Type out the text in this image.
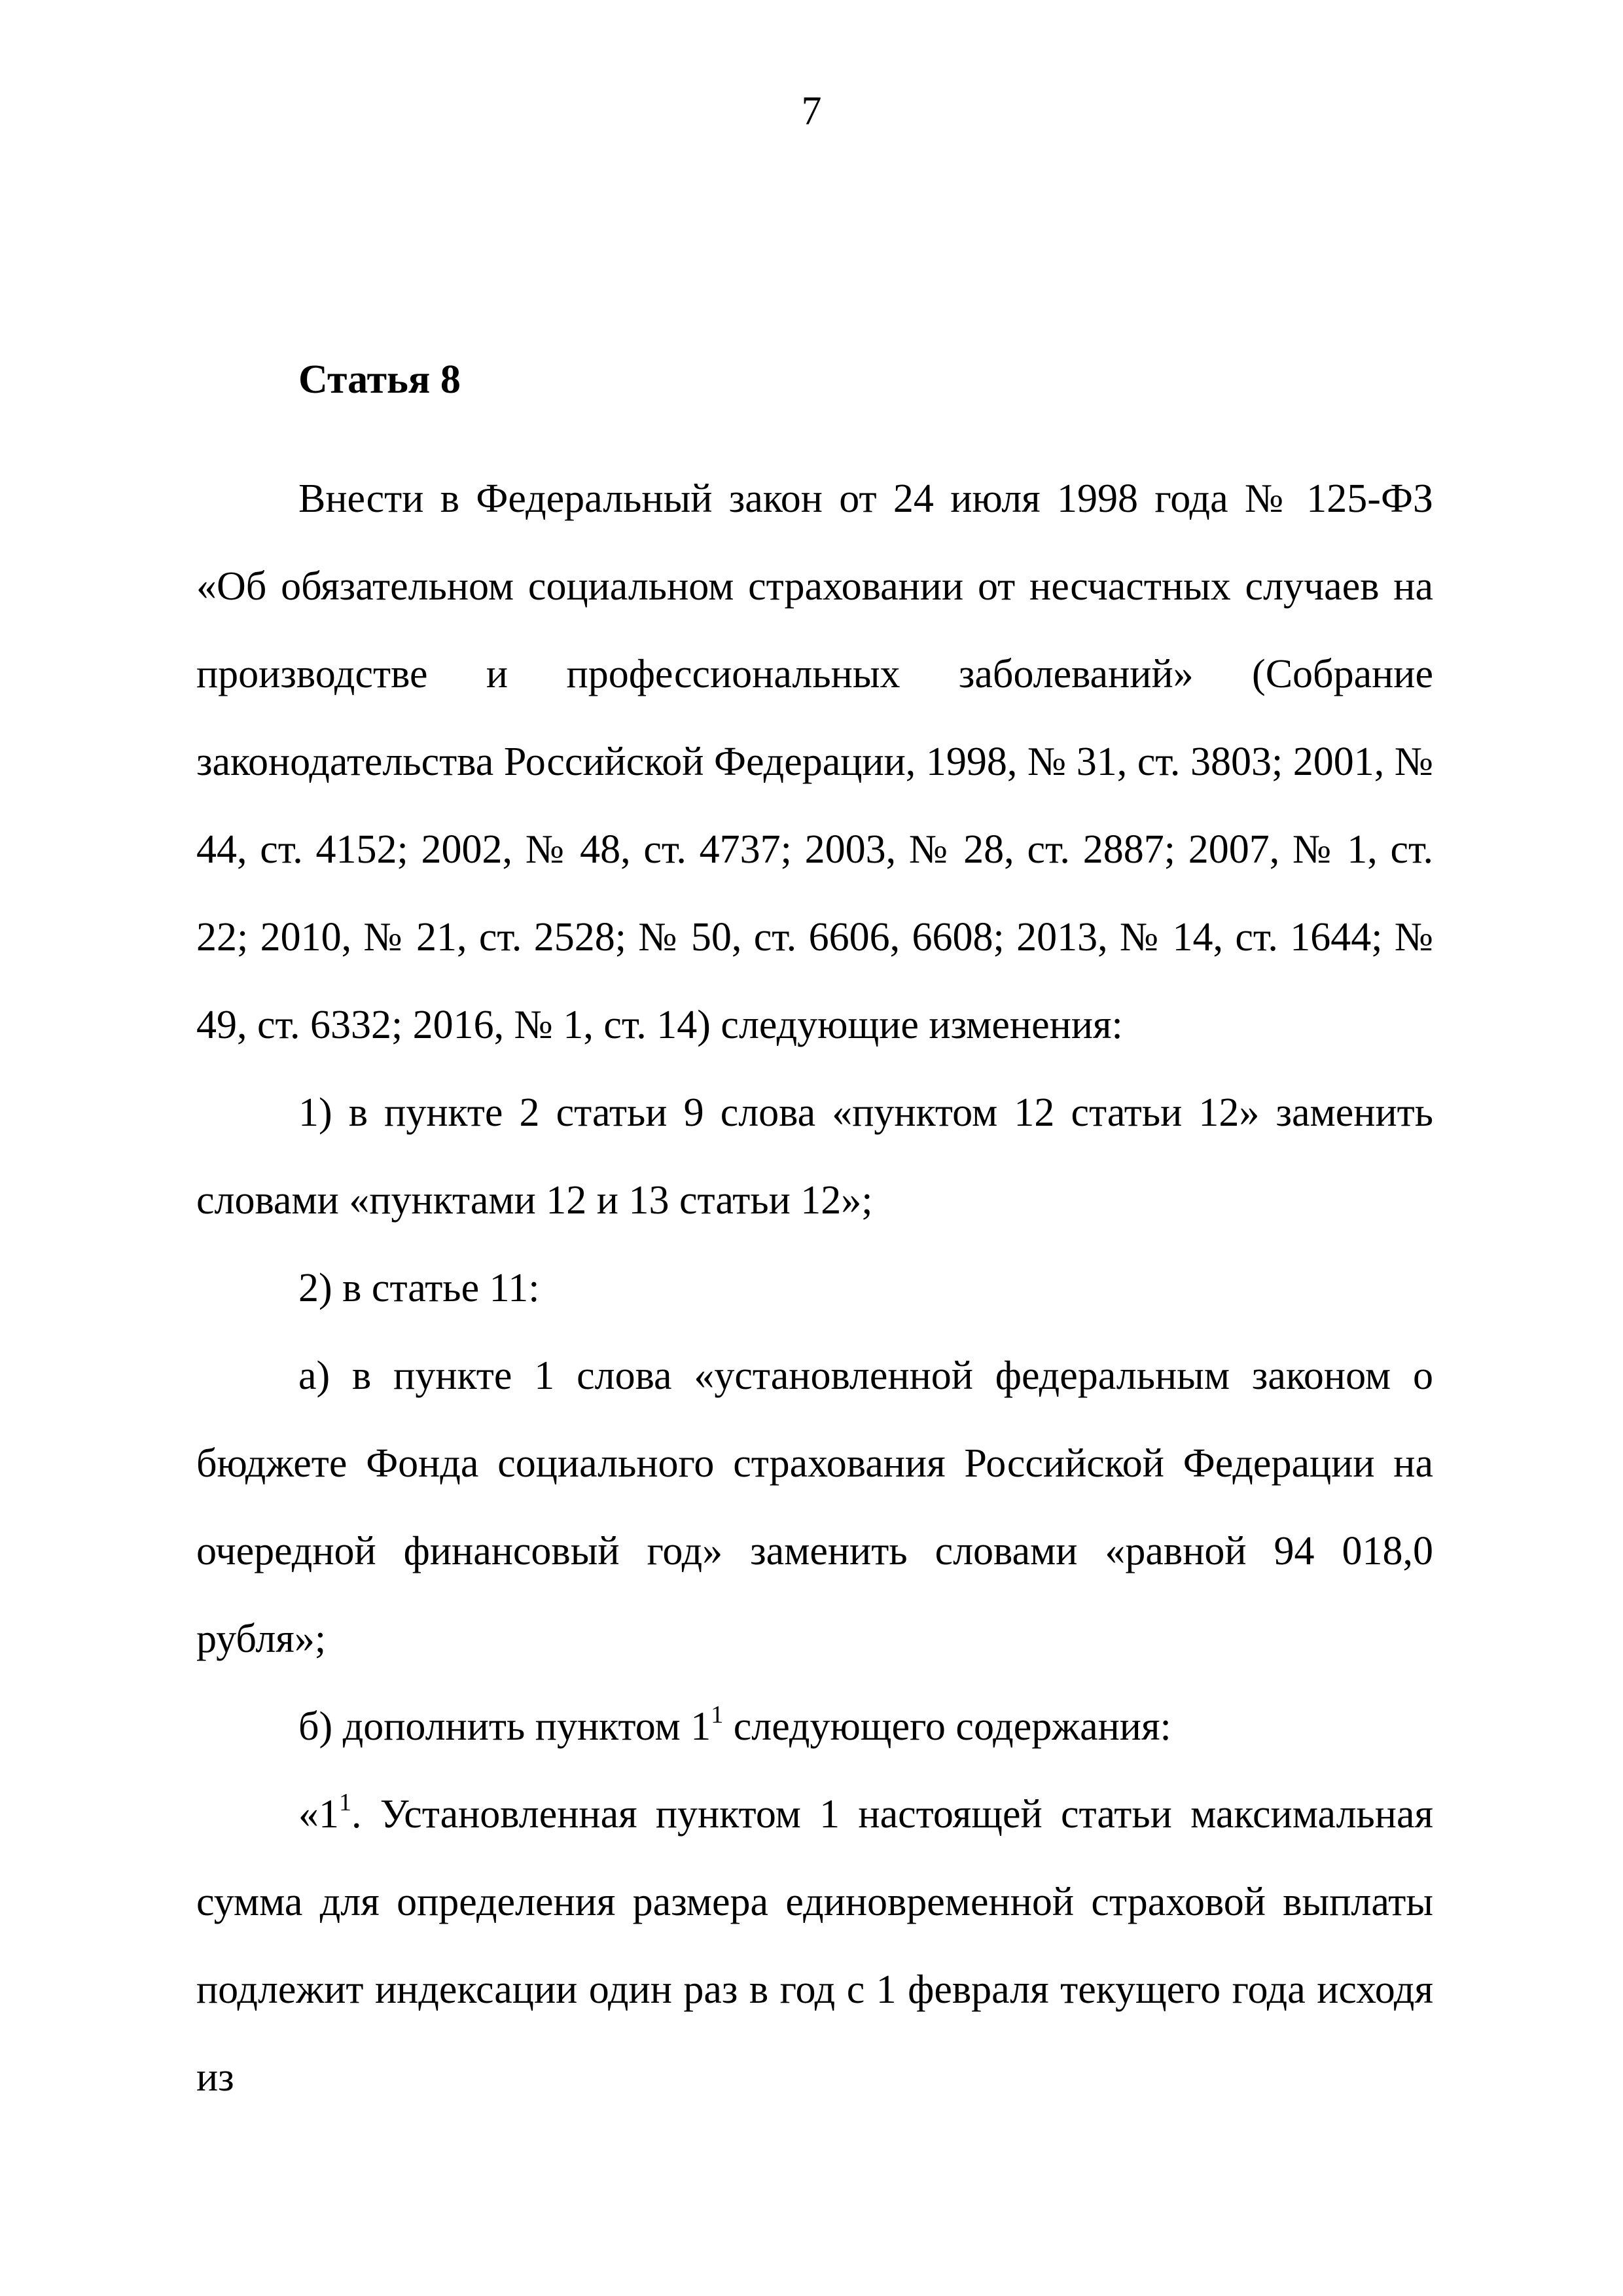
7

Статья 8

Внести в Федеральный закон от 24 июля 1998 года № 125-ФЗ «Об обязательном социальном страховании от несчастных случаев на производстве и профессиональных заболеваний» (Собрание законодательства Российской Федерации, 1998, № 31, ст. 3803; 2001, № 44, ст. 4152; 2002, № 48, ст. 4737; 2003, № 28, ст. 2887; 2007, № 1, ст. 22; 2010, № 21, ст. 2528; № 50, ст. 6606, 6608; 2013, № 14, ст. 1644; № 49, ст. 6332; 2016, № 1, ст. 14) следующие изменения:

1) в пункте 2 статьи 9 слова «пунктом 12 статьи 12» заменить словами «пунктами 12 и 13 статьи 12»;

2) в статье 11:

а) в пункте 1 слова «установленной федеральным законом о бюджете Фонда социального страхования Российской Федерации на очередной финансовый год» заменить словами «равной 94 018,0 рубля»;

б) дополнить пунктом $1^1$ следующего содержания:

«$1^1$. Установленная пунктом 1 настоящей статьи максимальная сумма для определения размера единовременной страховой выплаты подлежит индексации один раз в год с 1 февраля текущего года исходя из
